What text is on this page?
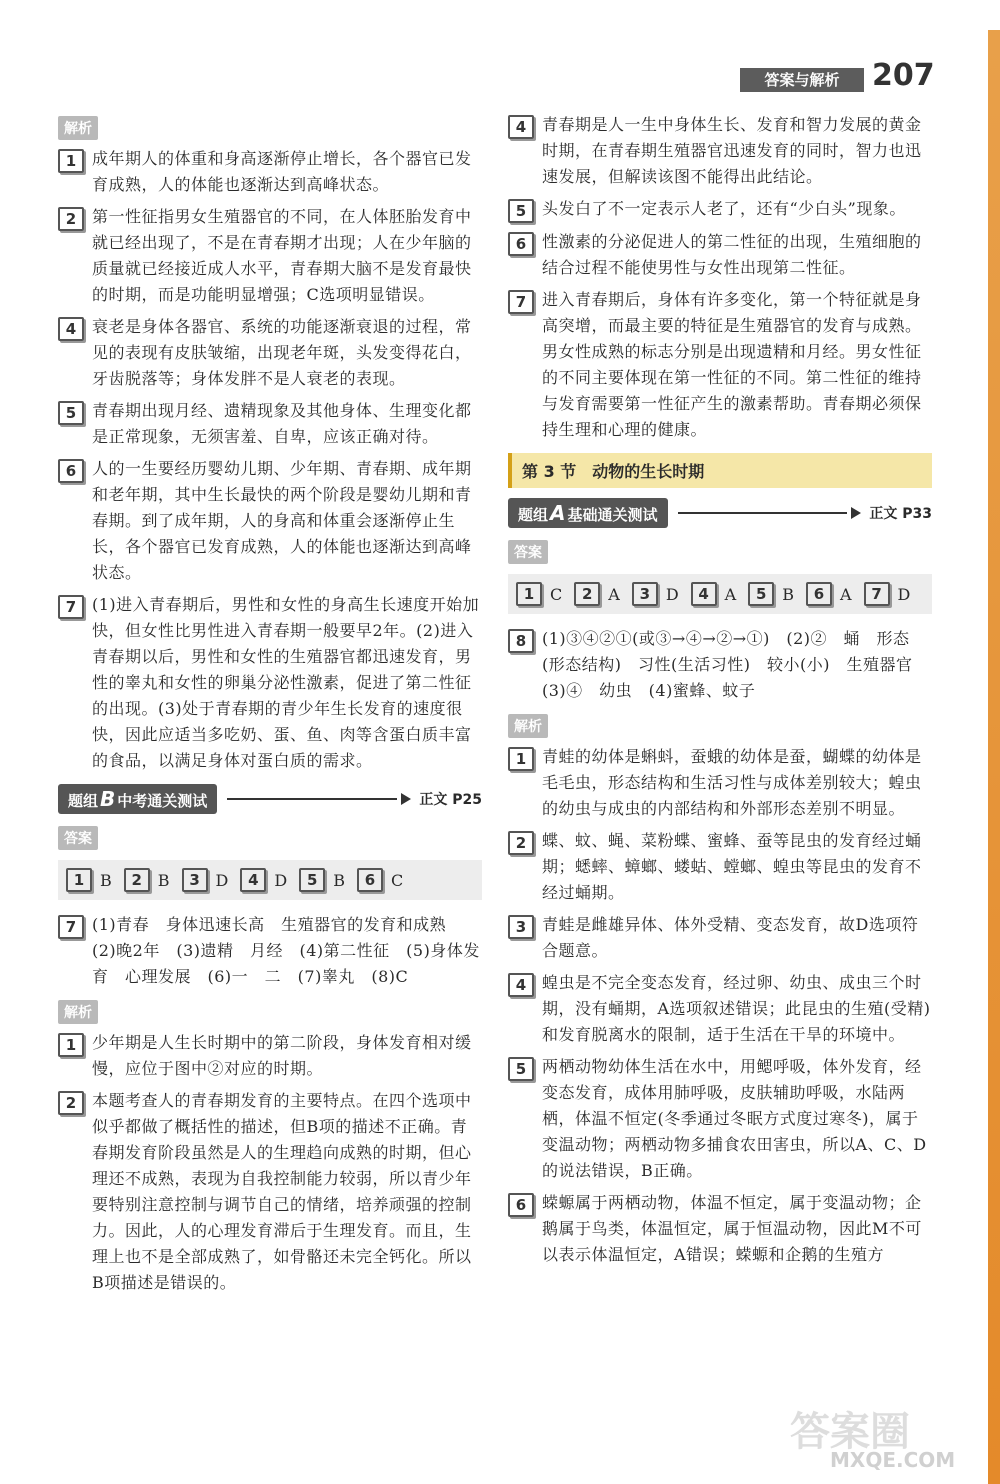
答案与解析	207
解析
1 成年期人的体重和身高逐渐停止增长，各个器官已发育成熟，人的体能也逐渐达到高峰状态。
2 第一性征指男女生殖器官的不同，在人体胚胎发育中就已经出现了，不是在青春期才出现；人在少年脑的质量就已经接近成人水平，青春期大脑不是发育最快的时期，而是功能明显增强；C选项明显错误。
4 衰老是身体各器官、系统的功能逐渐衰退的过程，常见的表现有皮肤皱缩，出现老年斑，头发变得花白，牙齿脱落等；身体发胖不是人衰老的表现。
5 青春期出现月经、遗精现象及其他身体、生理变化都是正常现象，无须害羞、自卑，应该正确对待。
6 人的一生要经历婴幼儿期、少年期、青春期、成年期和老年期，其中生长最快的两个阶段是婴幼儿期和青春期。到了成年期，人的身高和体重会逐渐停止生长，各个器官已发育成熟，人的体能也逐渐达到高峰状态。
7 (1)进入青春期后，男性和女性的身高生长速度开始加快，但女性比男性进入青春期一般要早2年。(2)进入青春期以后，男性和女性的生殖器官都迅速发育，男性的睾丸和女性的卵巢分泌性激素，促进了第二性征的出现。(3)处于青春期的青少年生长发育的速度很快，因此应适当多吃奶、蛋、鱼、肉等含蛋白质丰富的食品，以满足身体对蛋白质的需求。
题组 B 中考通关测试	正文 P25
答案
1 B	2 B	3 D	4 D	5 B	6 C
7 (1)青春　身体迅速长高　生殖器官的发育和成熟　(2)晚2年　(3)遗精　月经　(4)第二性征　(5)身体发育　心理发展　(6)一　二　(7)睾丸　(8)C
解析
1 少年期是人生长时期中的第二阶段，身体发育相对缓慢，应位于图中②对应的时期。
2 本题考查人的青春期发育的主要特点。在四个选项中似乎都做了概括性的描述，但B项的描述不正确。青春期发育阶段虽然是人的生理趋向成熟的时期，但心理还不成熟，表现为自我控制能力较弱，所以青少年要特别注意控制与调节自己的情绪，培养顽强的控制力。因此，人的心理发育滞后于生理发育。而且，生理上也不是全部成熟了，如骨骼还未完全钙化。所以B项描述是错误的。
4 青春期是人一生中身体生长、发育和智力发展的黄金时期，在青春期生殖器官迅速发育的同时，智力也迅速发展，但解读该图不能得出此结论。
5 头发白了不一定表示人老了，还有“少白头”现象。
6 性激素的分泌促进人的第二性征的出现，生殖细胞的结合过程不能使男性与女性出现第二性征。
7 进入青春期后，身体有许多变化，第一个特征就是身高突增，而最主要的特征是生殖器官的发育与成熟。男女性成熟的标志分别是出现遗精和月经。男女性征的不同主要体现在第一性征的不同。第二性征的维持与发育需要第一性征产生的激素帮助。青春期必须保持生理和心理的健康。
第 3 节　动物的生长时期
题组 A 基础通关测试	正文 P33
答案
1 C	2 A	3 D	4 A	5 B	6 A	7 D
8 (1)③④②①(或③→④→②→①)　(2)②　蛹　形态(形态结构)　习性(生活习性)　较小(小)　生殖器官　(3)④　幼虫　(4)蜜蜂、蚊子
解析
1 青蛙的幼体是蝌蚪，蚕蛾的幼体是蚕，蝴蝶的幼体是毛毛虫，形态结构和生活习性与成体差别较大；蝗虫的幼虫与成虫的内部结构和外部形态差别不明显。
2 蝶、蚊、蝇、菜粉蝶、蜜蜂、蚕等昆虫的发育经过蛹期；蟋蟀、蟑螂、蝼蛄、螳螂、蝗虫等昆虫的发育不经过蛹期。
3 青蛙是雌雄异体、体外受精、变态发育，故D选项符合题意。
4 蝗虫是不完全变态发育，经过卵、幼虫、成虫三个时期，没有蛹期，A选项叙述错误；此昆虫的生殖(受精)和发育脱离水的限制，适于生活在干旱的环境中。
5 两栖动物幼体生活在水中，用鳃呼吸，体外发育，经变态发育，成体用肺呼吸，皮肤辅助呼吸，水陆两栖，体温不恒定(冬季通过冬眠方式度过寒冬)，属于变温动物；两栖动物多捕食农田害虫，所以A、C、D的说法错误，B正确。
6 蝾螈属于两栖动物，体温不恒定，属于变温动物；企鹅属于鸟类，体温恒定，属于恒温动物，因此M不可以表示体温恒定，A错误；蝾螈和企鹅的生殖方
答案圈
MXQE.COM
